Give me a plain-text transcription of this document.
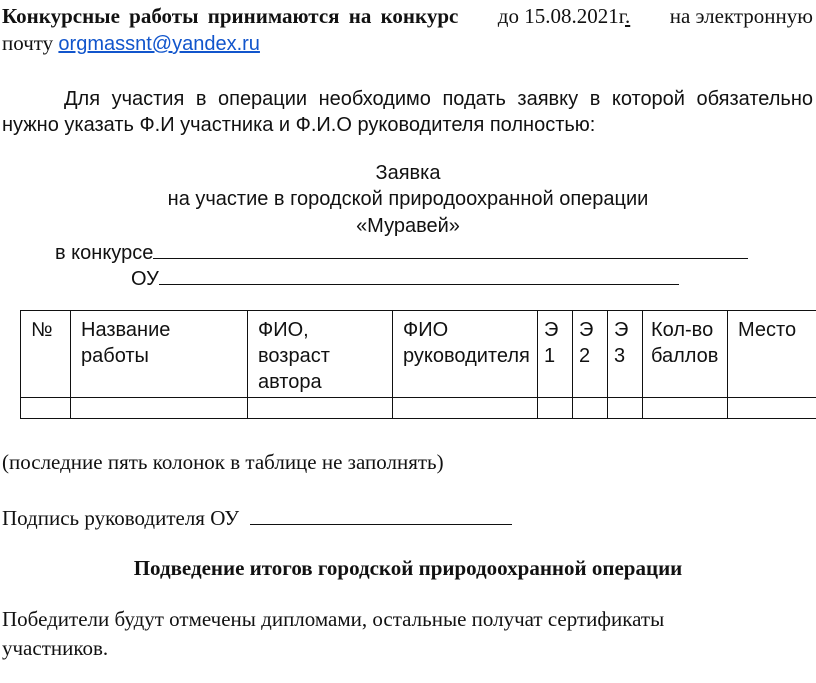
Конкурсные работы принимаются на конкурс до 15.08.2021г. на электронную
почту orgmassnt@yandex.ru
Для участия в операции необходимо подать заявку в которой обязательно
нужно указать Ф.И участника и Ф.И.О руководителя полностью:
Заявка
на участие в городской природоохранной операции
«Муравей»
в конкурсе
ОУ
№	Название работы	ФИО, возраст автора	ФИО руководителя	Э 1	Э 2	Э 3	Кол-во баллов	Место

(последние пять колонок в таблице не заполнять)
Подпись руководителя ОУ
Подведение итогов городской природоохранной операции
Победители будут отмечены дипломами, остальные получат сертификаты
участников.
